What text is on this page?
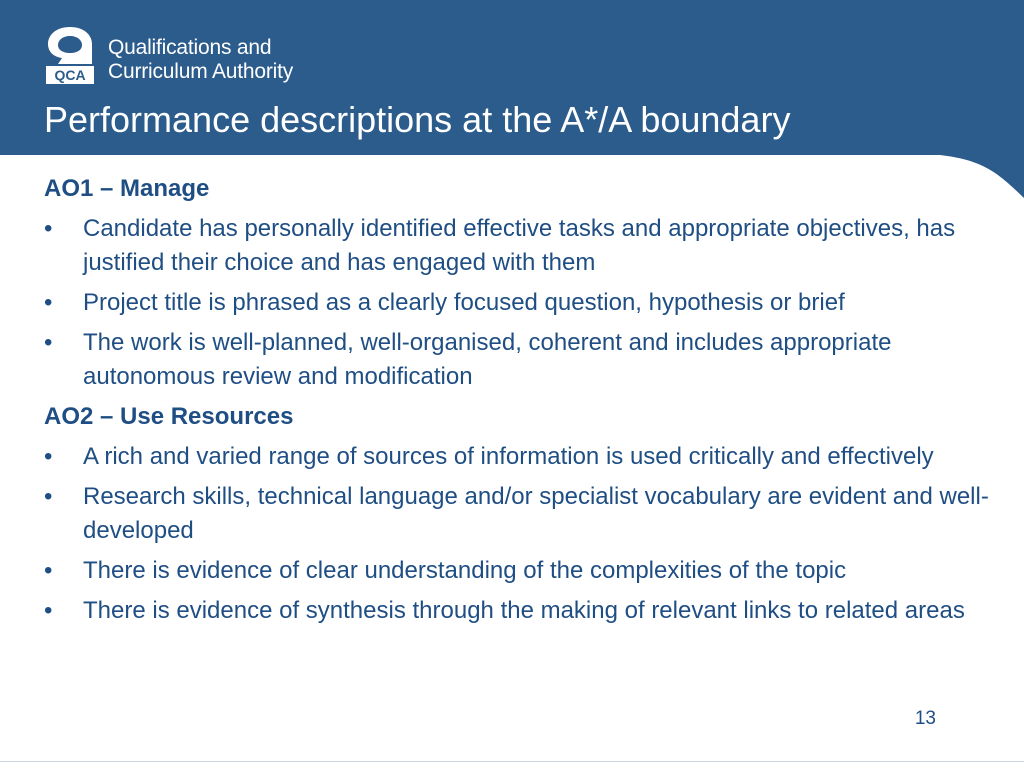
QCA
Qualifications and
Curriculum Authority
Performance descriptions at the A*/A boundary
AO1 – Manage
• Candidate has personally identified effective tasks and appropriate objectives, has justified their choice and has engaged with them
• Project title is phrased as a clearly focused question, hypothesis or brief
• The work is well-planned, well-organised, coherent and includes appropriate autonomous review and modification
AO2 – Use Resources
• A rich and varied range of sources of information is used critically and effectively
• Research skills, technical language and/or specialist vocabulary are evident and well-developed
• There is evidence of clear understanding of the complexities of the topic
• There is evidence of synthesis through the making of relevant links to related areas
13
